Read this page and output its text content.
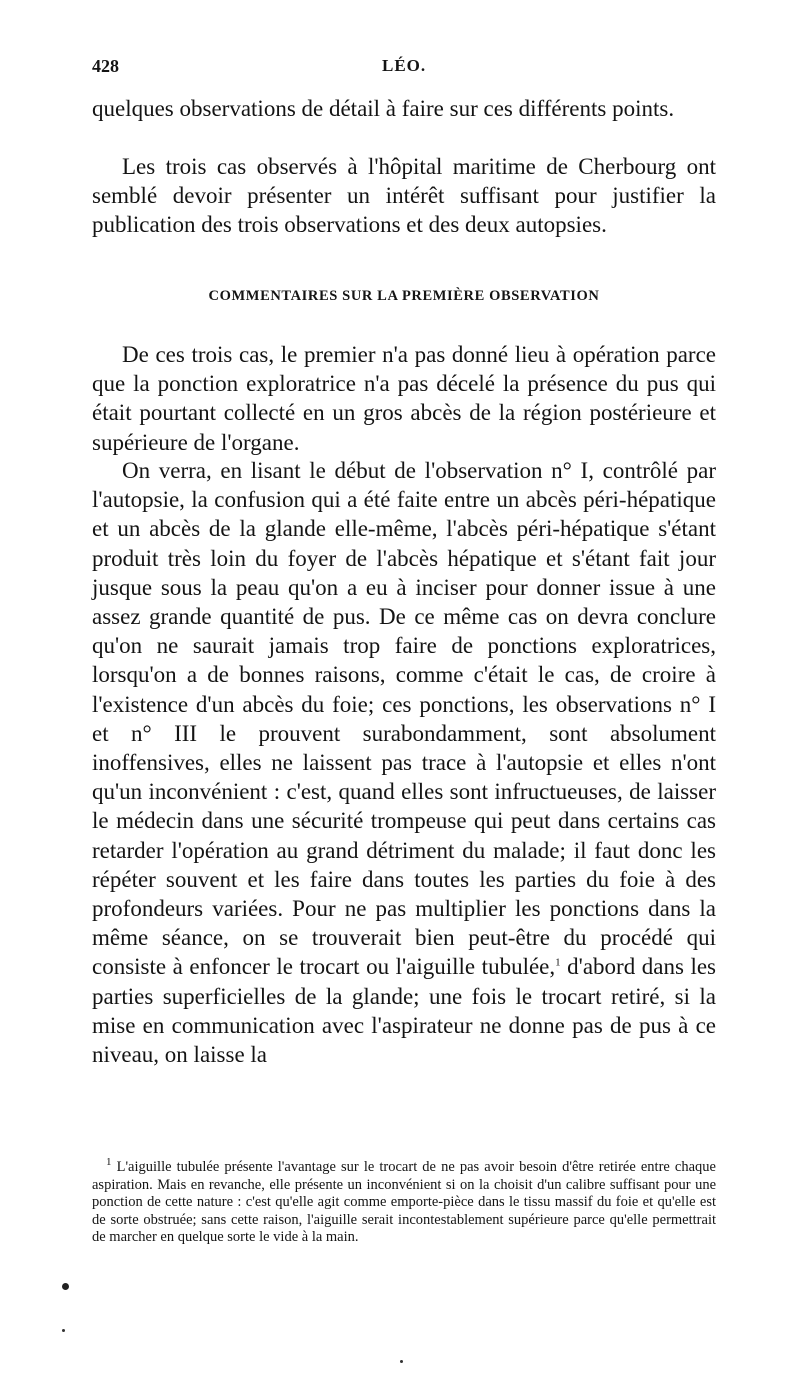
428	LÉO.

quelques observations de détail à faire sur ces différents points.

Les trois cas observés à l'hôpital maritime de Cherbourg ont semblé devoir présenter un intérêt suffisant pour justifier la publication des trois observations et des deux autopsies.

COMMENTAIRES SUR LA PREMIÈRE OBSERVATION

De ces trois cas, le premier n'a pas donné lieu à opération parce que la ponction exploratrice n'a pas décelé la présence du pus qui était pourtant collecté en un gros abcès de la région postérieure et supérieure de l'organe.

On verra, en lisant le début de l'observation n° I, contrôlé par l'autopsie, la confusion qui a été faite entre un abcès péri-hépatique et un abcès de la glande elle-même, l'abcès péri-hépatique s'étant produit très loin du foyer de l'abcès hépatique et s'étant fait jour jusque sous la peau qu'on a eu à inciser pour donner issue à une assez grande quantité de pus. De ce même cas on devra conclure qu'on ne saurait jamais trop faire de ponctions exploratrices, lorsqu'on a de bonnes raisons, comme c'était le cas, de croire à l'existence d'un abcès du foie; ces ponctions, les observations n° I et n° III le prouvent surabondamment, sont absolument inoffensives, elles ne laissent pas trace à l'autopsie et elles n'ont qu'un inconvénient : c'est, quand elles sont infructueuses, de laisser le médecin dans une sécurité trompeuse qui peut dans certains cas retarder l'opération au grand détriment du malade; il faut donc les répéter souvent et les faire dans toutes les parties du foie à des profondeurs variées. Pour ne pas multiplier les ponctions dans la même séance, on se trouverait bien peut-être du procédé qui consiste à enfoncer le trocart ou l'aiguille tubulée,$^1$ d'abord dans les parties superficielles de la glande; une fois le trocart retiré, si la mise en communication avec l'aspirateur ne donne pas de pus à ce niveau, on laisse la

$^1$ L'aiguille tubulée présente l'avantage sur le trocart de ne pas avoir besoin d'être retirée entre chaque aspiration. Mais en revanche, elle présente un inconvénient si on la choisit d'un calibre suffisant pour une ponction de cette nature : c'est qu'elle agit comme emporte-pièce dans le tissu massif du foie et qu'elle est de sorte obstruée; sans cette raison, l'aiguille serait incontestablement supérieure parce qu'elle permettrait de marcher en quelque sorte le vide à la main.
